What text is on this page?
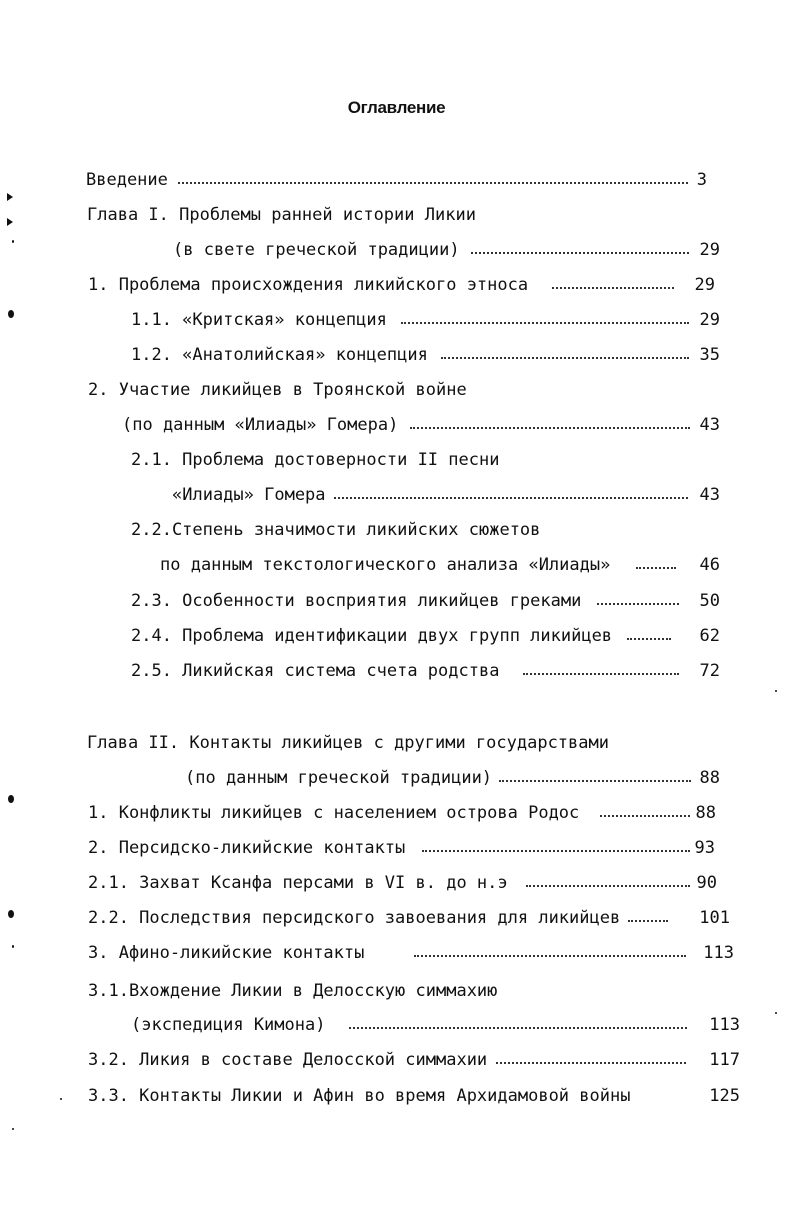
Оглавление
Введение	3
Глава I. Проблемы ранней истории Ликии
(в свете греческой традиции)	29
1. Проблема происхождения ликийского этноса	29
1.1. «Критская» концепция	29
1.2. «Анатолийская» концепция	35
2. Участие ликийцев в Троянской войне
(по данным «Илиады» Гомера)	43
2.1. Проблема достоверности II песни
«Илиады» Гомера	43
2.2.Степень значимости ликийских сюжетов
по данным текстологического анализа «Илиады»	46
2.3. Особенности восприятия ликийцев греками	50
2.4. Проблема идентификации двух групп ликийцев	62
2.5. Ликийская система счета родства	72
Глава II. Контакты ликийцев с другими государствами
(по данным греческой традиции)	88
1. Конфликты ликийцев с населением острова Родос	88
2. Персидско-ликийские контакты	93
2.1. Захват Ксанфа персами в VI в. до н.э	90
2.2. Последствия персидского завоевания для ликийцев	101
3. Афино-ликийские контакты	113
3.1.Вхождение Ликии в Делосскую симмахию
(экспедиция Кимона)	113
3.2. Ликия в составе Делосской симмахии	117
3.3. Контакты Ликии и Афин во время Архидамовой войны	125
